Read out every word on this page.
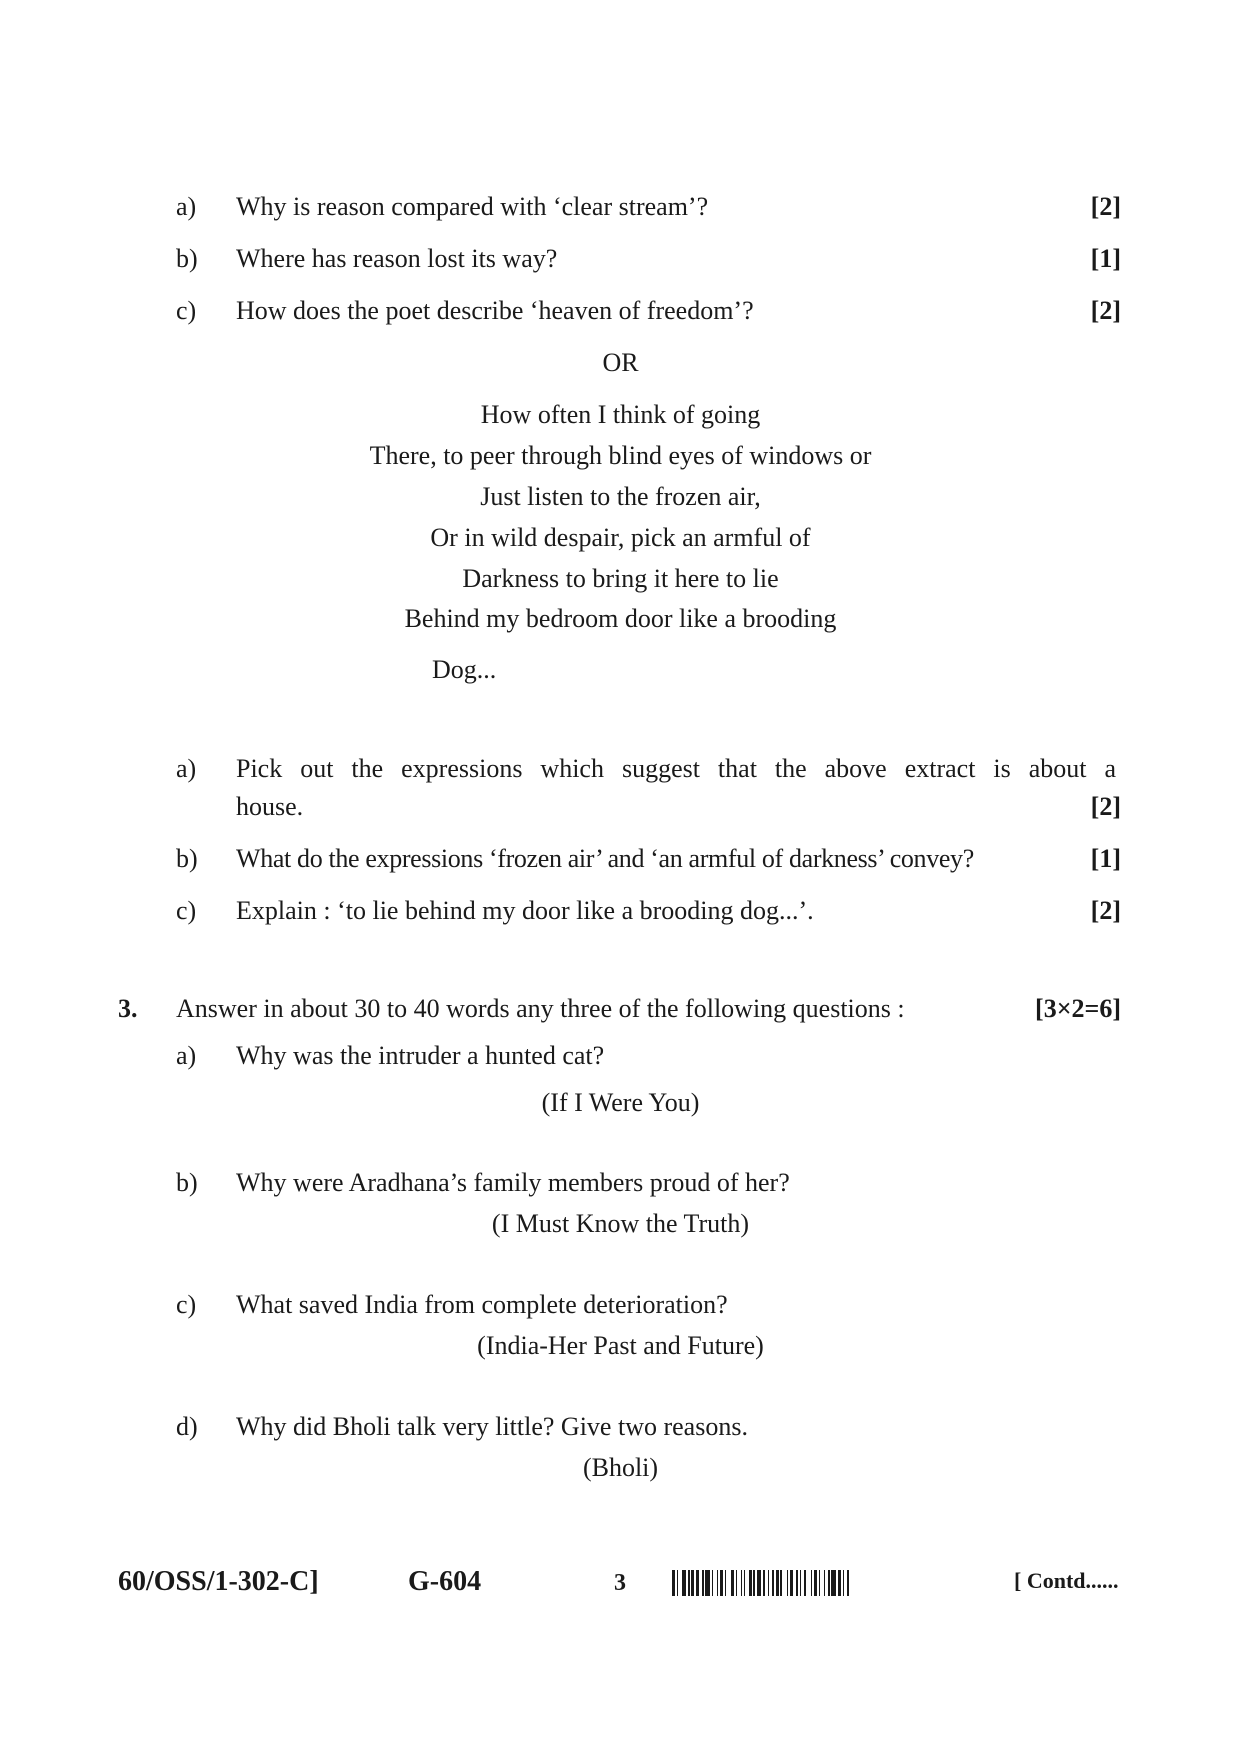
a) Why is reason compared with ‘clear stream’?	[2]
b) Where has reason lost its way?	[1]
c) How does the poet describe ‘heaven of freedom’?	[2]
OR
How often I think of going
There, to peer through blind eyes of windows or
Just listen to the frozen air,
Or in wild despair, pick an armful of
Darkness to bring it here to lie
Behind my bedroom door like a brooding
Dog...
a) Pick out the expressions which suggest that the above extract is about a
house.	[2]
b) What do the expressions ‘frozen air’ and ‘an armful of darkness’ convey?	[1]
c) Explain : ‘to lie behind my door like a brooding dog...’.	[2]
3. Answer in about 30 to 40 words any three of the following questions :	[3×2=6]
a) Why was the intruder a hunted cat?
(If I Were You)
b) Why were Aradhana’s family members proud of her?
(I Must Know the Truth)
c) What saved India from complete deterioration?
(India-Her Past and Future)
d) Why did Bholi talk very little? Give two reasons.
(Bholi)
60/OSS/1-302-C]	G-604	3	[ Contd......
